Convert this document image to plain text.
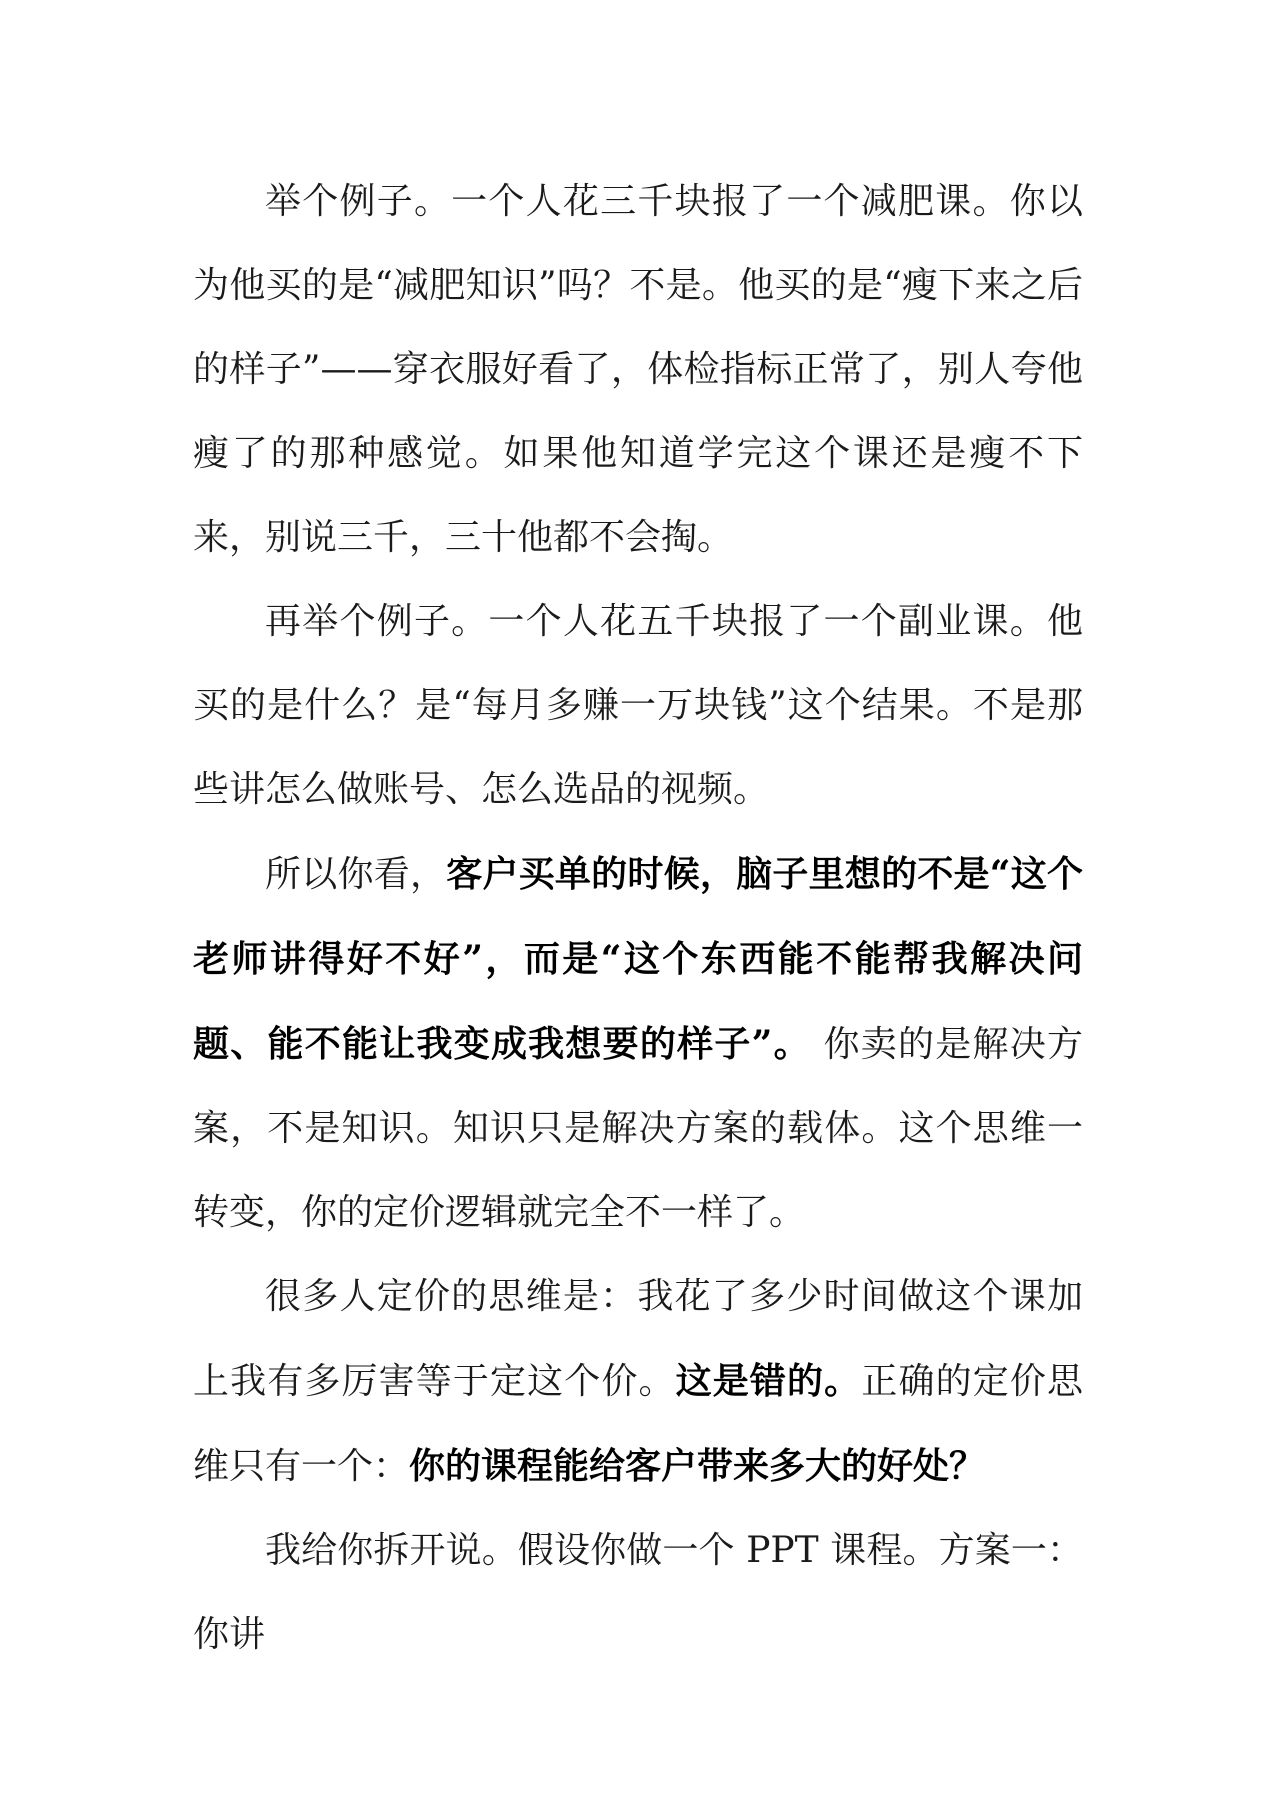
举个例子。一个人花三千块报了一个减肥课。你以为他买的是“减肥知识”吗？不是。他买的是“瘦下来之后的样子”——穿衣服好看了，体检指标正常了，别人夸他瘦了的那种感觉。如果他知道学完这个课还是瘦不下来，别说三千，三十他都不会掏。

再举个例子。一个人花五千块报了一个副业课。他买的是什么？是“每月多赚一万块钱”这个结果。不是那些讲怎么做账号、怎么选品的视频。

所以你看，客户买单的时候，脑子里想的不是“这个老师讲得好不好”，而是“这个东西能不能帮我解决问题、能不能让我变成我想要的样子”。 你卖的是解决方案，不是知识。知识只是解决方案的载体。这个思维一转变，你的定价逻辑就完全不一样了。

很多人定价的思维是：我花了多少时间做这个课加上我有多厉害等于定这个价。这是错的。正确的定价思维只有一个：你的课程能给客户带来多大的好处？

我给你拆开说。假设你做一个 PPT 课程。方案一：你讲
